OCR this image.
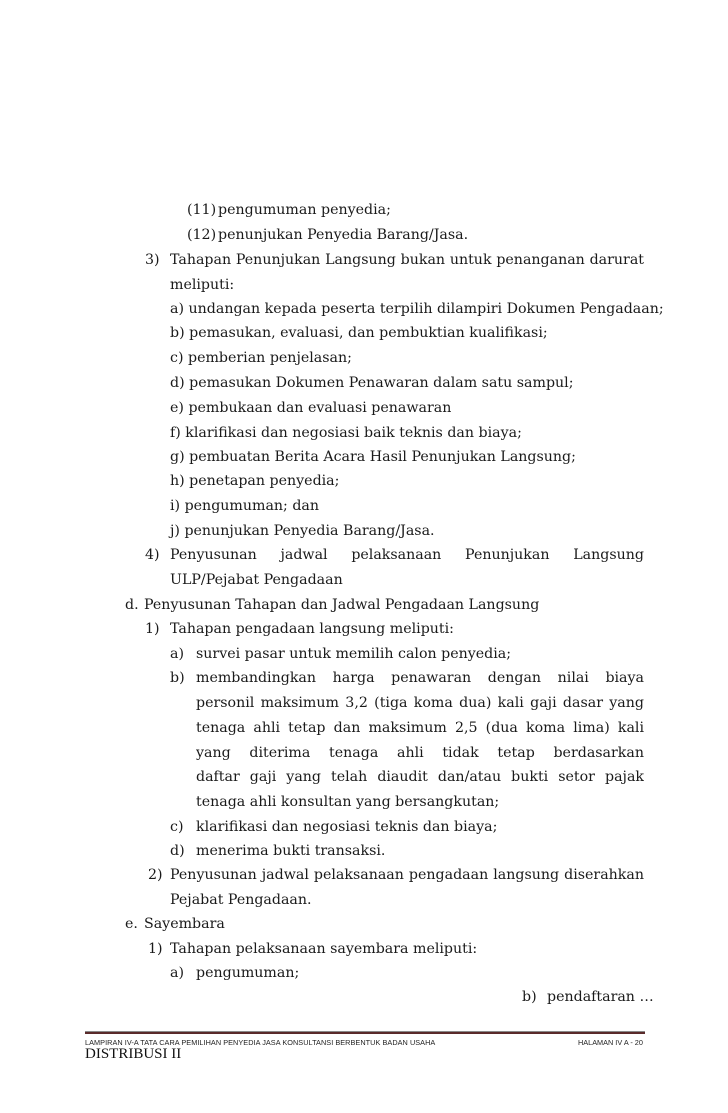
(11) pengumuman penyedia;
(12) penunjukan Penyedia Barang/Jasa.
3) Tahapan Penunjukan Langsung bukan untuk penanganan darurat
meliputi:
a) undangan kepada peserta terpilih dilampiri Dokumen Pengadaan;
b) pemasukan, evaluasi, dan pembuktian kualifikasi;
c) pemberian penjelasan;
d) pemasukan Dokumen Penawaran dalam satu sampul;
e) pembukaan dan evaluasi penawaran
f) klarifikasi dan negosiasi baik teknis dan biaya;
g) pembuatan Berita Acara Hasil Penunjukan Langsung;
h) penetapan penyedia;
i) pengumuman; dan
j) penunjukan Penyedia Barang/Jasa.
4) Penyusunan jadwal pelaksanaan Penunjukan Langsung
ULP/Pejabat Pengadaan
d. Penyusunan Tahapan dan Jadwal Pengadaan Langsung
1) Tahapan pengadaan langsung meliputi:
a) survei pasar untuk memilih calon penyedia;
b) membandingkan harga penawaran dengan nilai biaya
personil maksimum 3,2 (tiga koma dua) kali gaji dasar yang
tenaga ahli tetap dan maksimum 2,5 (dua koma lima) kali
yang diterima tenaga ahli tidak tetap berdasarkan
daftar gaji yang telah diaudit dan/atau bukti setor pajak
tenaga ahli konsultan yang bersangkutan;
c) klarifikasi dan negosiasi teknis dan biaya;
d) menerima bukti transaksi.
2) Penyusunan jadwal pelaksanaan pengadaan langsung diserahkan
Pejabat Pengadaan.
e. Sayembara
1) Tahapan pelaksanaan sayembara meliputi:
a) pengumuman;
b) pendaftaran …
LAMPIRAN IV-A TATA CARA PEMILIHAN PENYEDIA JASA KONSULTANSI BERBENTUK BADAN USAHA	HALAMAN IV A - 20
DISTRIBUSI II
